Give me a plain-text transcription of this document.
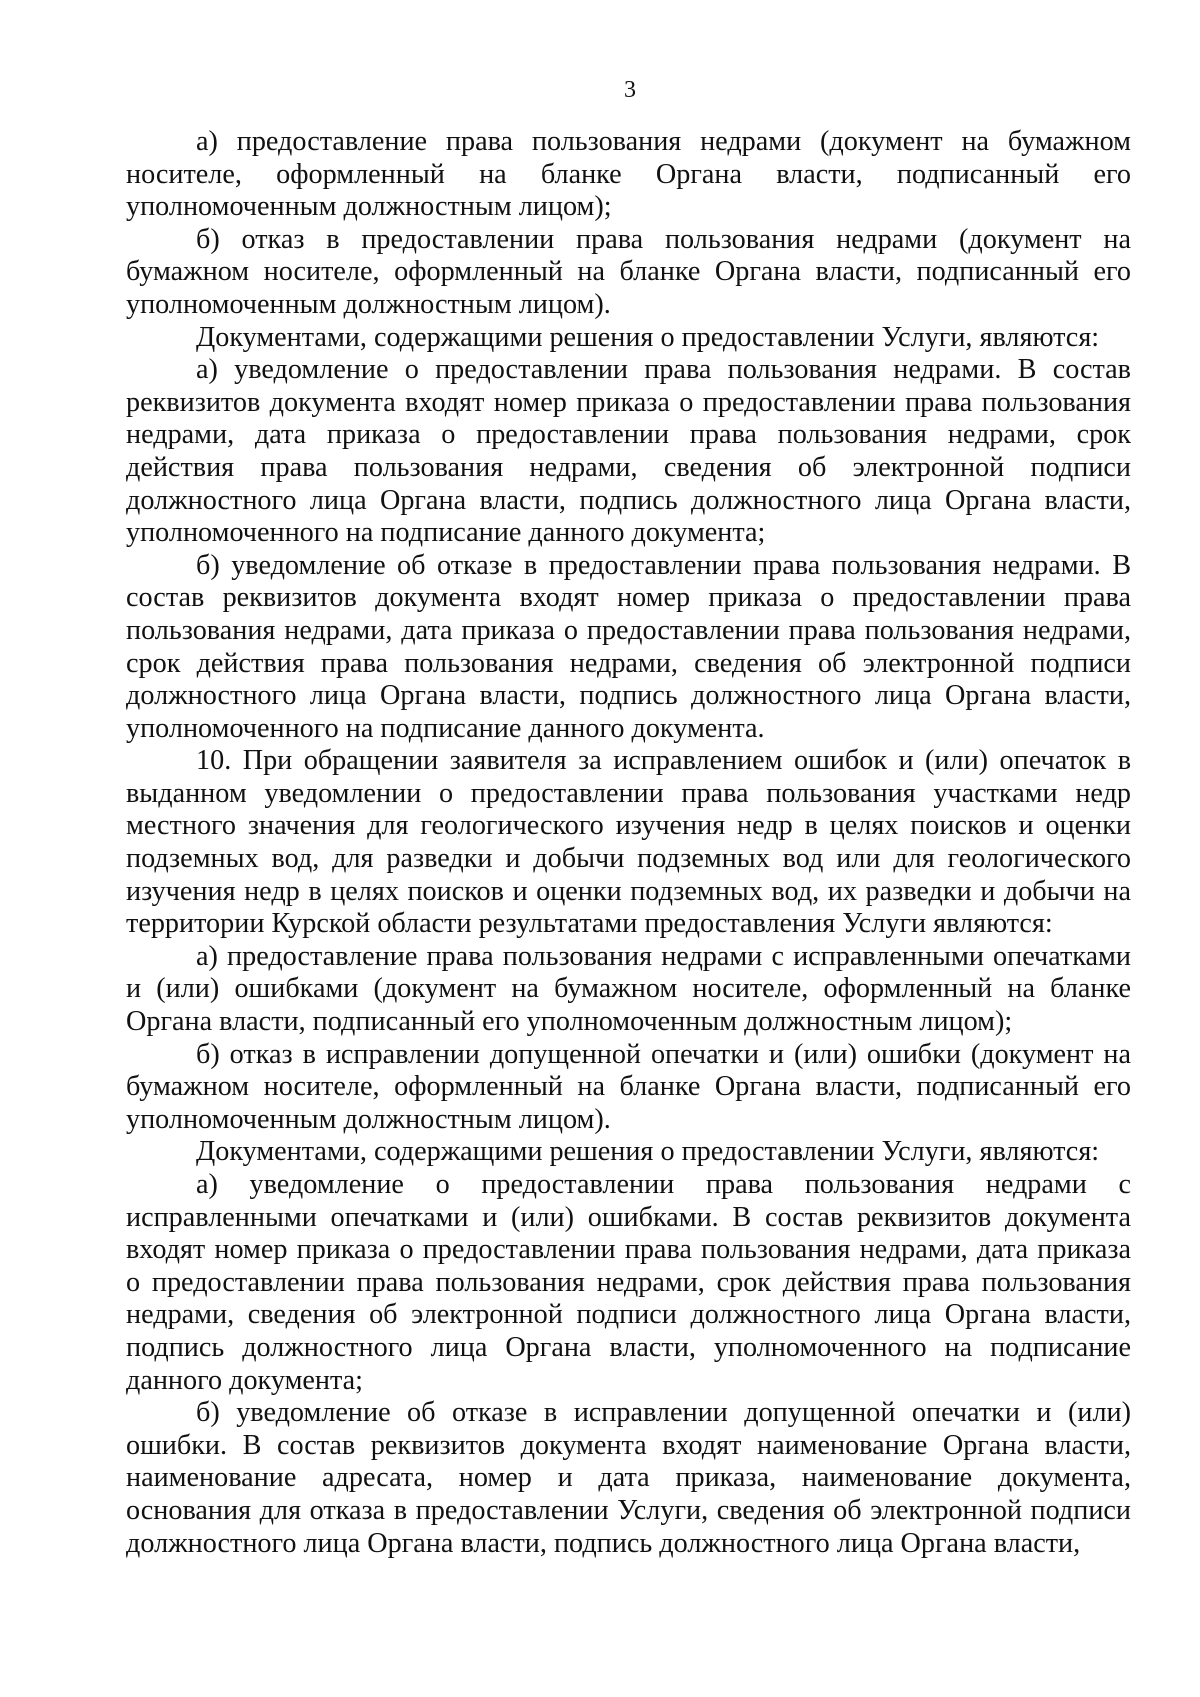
3

а) предоставление права пользования недрами (документ на бумажном носителе, оформленный на бланке Органа власти, подписанный его уполномоченным должностным лицом);

б) отказ в предоставлении права пользования недрами (документ на бумажном носителе, оформленный на бланке Органа власти, подписанный его уполномоченным должностным лицом).

Документами, содержащими решения о предоставлении Услуги, являются:

а) уведомление о предоставлении права пользования недрами. В состав реквизитов документа входят номер приказа о предоставлении права пользования недрами, дата приказа о предоставлении права пользования недрами, срок действия права пользования недрами, сведения об электронной подписи должностного лица Органа власти, подпись должностного лица Органа власти, уполномоченного на подписание данного документа;

б) уведомление об отказе в предоставлении права пользования недрами. В состав реквизитов документа входят номер приказа о предоставлении права пользования недрами, дата приказа о предоставлении права пользования недрами, срок действия права пользования недрами, сведения об электронной подписи должностного лица Органа власти, подпись должностного лица Органа власти, уполномоченного на подписание данного документа.

10. При обращении заявителя за исправлением ошибок и (или) опечаток в выданном уведомлении о предоставлении права пользования участками недр местного значения для геологического изучения недр в целях поисков и оценки подземных вод, для разведки и добычи подземных вод или для геологического изучения недр в целях поисков и оценки подземных вод, их разведки и добычи на территории Курской области результатами предоставления Услуги являются:

а) предоставление права пользования недрами с исправленными опечатками и (или) ошибками (документ на бумажном носителе, оформленный на бланке Органа власти, подписанный его уполномоченным должностным лицом);

б) отказ в исправлении допущенной опечатки и (или) ошибки (документ на бумажном носителе, оформленный на бланке Органа власти, подписанный его уполномоченным должностным лицом).

Документами, содержащими решения о предоставлении Услуги, являются:

а) уведомление о предоставлении права пользования недрами с исправленными опечатками и (или) ошибками. В состав реквизитов документа входят номер приказа о предоставлении права пользования недрами, дата приказа о предоставлении права пользования недрами, срок действия права пользования недрами, сведения об электронной подписи должностного лица Органа власти, подпись должностного лица Органа власти, уполномоченного на подписание данного документа;

б) уведомление об отказе в исправлении допущенной опечатки и (или) ошибки. В состав реквизитов документа входят наименование Органа власти, наименование адресата, номер и дата приказа, наименование документа, основания для отказа в предоставлении Услуги, сведения об электронной подписи должностного лица Органа власти, подпись должностного лица Органа власти,
